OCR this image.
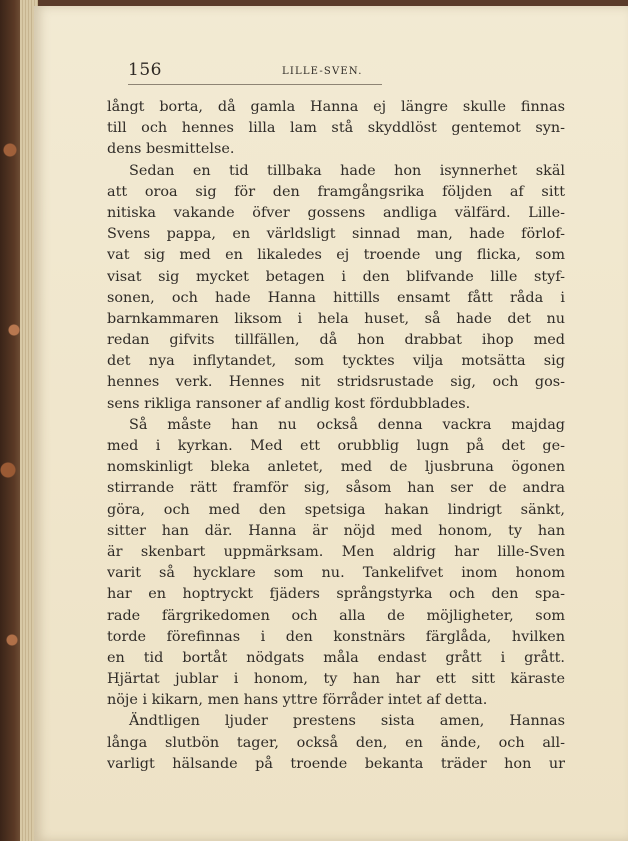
156	LILLE-SVEN.
långt borta, då gamla Hanna ej längre skulle finnas
till och hennes lilla lam stå skyddlöst gentemot syn-
dens besmittelse.
Sedan en tid tillbaka hade hon isynnerhet skäl
att oroa sig för den framgångsrika följden af sitt
nitiska vakande öfver gossens andliga välfärd. Lille-
Svens pappa, en världsligt sinnad man, hade förlof-
vat sig med en likaledes ej troende ung flicka, som
visat sig mycket betagen i den blifvande lille styf-
sonen, och hade Hanna hittills ensamt fått råda i
barnkammaren liksom i hela huset, så hade det nu
redan gifvits tillfällen, då hon drabbat ihop med
det nya inflytandet, som tycktes vilja motsätta sig
hennes verk. Hennes nit stridsrustade sig, och gos-
sens rikliga ransoner af andlig kost fördubblades.
Så måste han nu också denna vackra majdag
med i kyrkan. Med ett orubblig lugn på det ge-
nomskinligt bleka anletet, med de ljusbruna ögonen
stirrande rätt framför sig, såsom han ser de andra
göra, och med den spetsiga hakan lindrigt sänkt,
sitter han där. Hanna är nöjd med honom, ty han
är skenbart uppmärksam. Men aldrig har lille-Sven
varit så hycklare som nu. Tankelifvet inom honom
har en hoptryckt fjäders språngstyrka och den spa-
rade färgrikedomen och alla de möjligheter, som
torde förefinnas i den konstnärs färglåda, hvilken
en tid bortåt nödgats måla endast grått i grått.
Hjärtat jublar i honom, ty han har ett sitt käraste
nöje i kikarn, men hans yttre förråder intet af detta.
Ändtligen ljuder prestens sista amen, Hannas
långa slutbön tager, också den, en ände, och all-
varligt hälsande på troende bekanta träder hon ur
